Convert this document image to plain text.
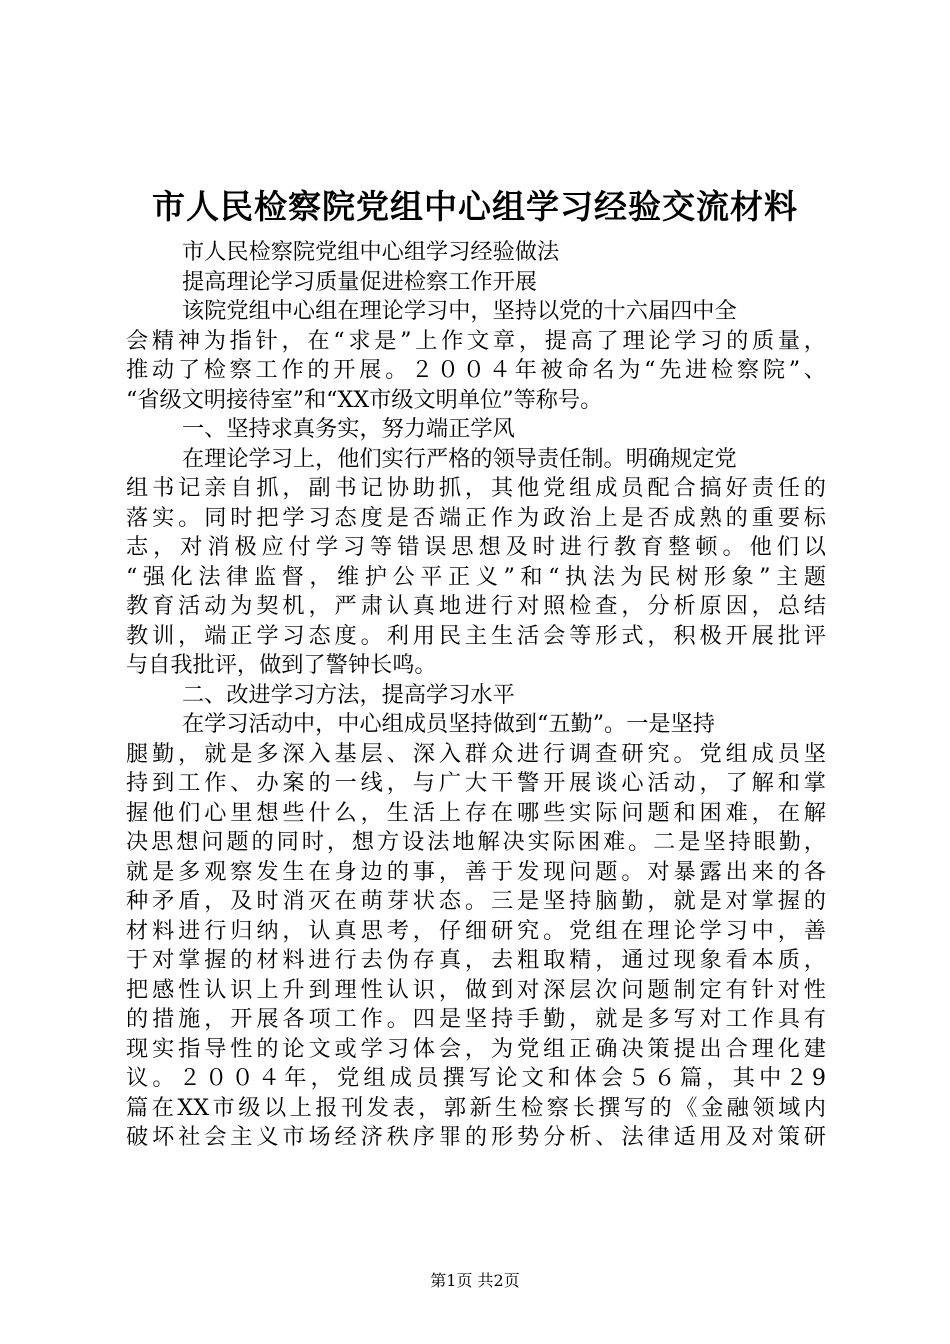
市人民检察院党组中心组学习经验交流材料
市人民检察院党组中心组学习经验做法
提高理论学习质量促进检察工作开展
该院党组中心组在理论学习中，坚持以党的十六届四中全
会精神为指针，在“求是”上作文章，提高了理论学习的质量，
推动了检察工作的开展。２００４年被命名为“先进检察院”、
“省级文明接待室”和“XX市级文明单位”等称号。
一、坚持求真务实，努力端正学风
在理论学习上，他们实行严格的领导责任制。明确规定党
组书记亲自抓，副书记协助抓，其他党组成员配合搞好责任的
落实。同时把学习态度是否端正作为政治上是否成熟的重要标
志，对消极应付学习等错误思想及时进行教育整顿。他们以
“强化法律监督，维护公平正义”和“执法为民树形象”主题
教育活动为契机，严肃认真地进行对照检查，分析原因，总结
教训，端正学习态度。利用民主生活会等形式，积极开展批评
与自我批评，做到了警钟长鸣。
二、改进学习方法，提高学习水平
在学习活动中，中心组成员坚持做到“五勤”。一是坚持
腿勤，就是多深入基层、深入群众进行调查研究。党组成员坚
持到工作、办案的一线，与广大干警开展谈心活动，了解和掌
握他们心里想些什么，生活上存在哪些实际问题和困难，在解
决思想问题的同时，想方设法地解决实际困难。二是坚持眼勤，
就是多观察发生在身边的事，善于发现问题。对暴露出来的各
种矛盾，及时消灭在萌芽状态。三是坚持脑勤，就是对掌握的
材料进行归纳，认真思考，仔细研究。党组在理论学习中，善
于对掌握的材料进行去伪存真，去粗取精，通过现象看本质，
把感性认识上升到理性认识，做到对深层次问题制定有针对性
的措施，开展各项工作。四是坚持手勤，就是多写对工作具有
现实指导性的论文或学习体会，为党组正确决策提出合理化建
议。２００４年，党组成员撰写论文和体会５６篇，其中２9
篇在XX市级以上报刊发表，郭新生检察长撰写的《金融领域内
破坏社会主义市场经济秩序罪的形势分析、法律适用及对策研
第1页 共2页
